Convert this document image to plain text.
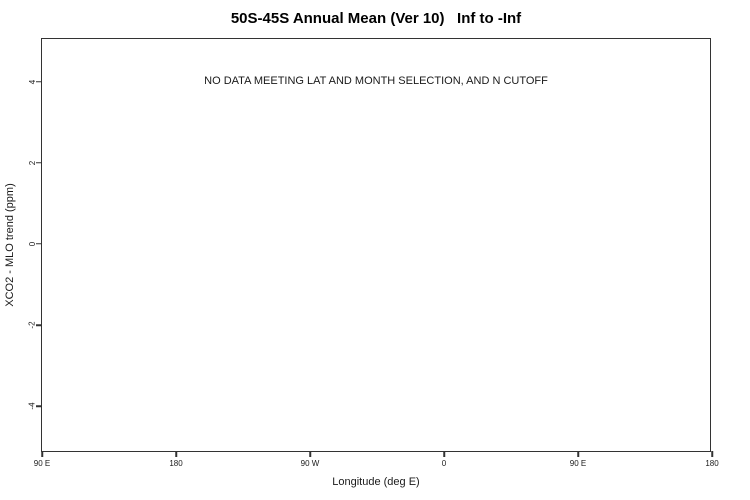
50S-45S Annual Mean (Ver 10)   Inf to -Inf
XCO2 - MLO trend (ppm)
NO DATA MEETING LAT AND MONTH SELECTION, AND N CUTOFF
90 E	180	90 W	0	90 E	180
-4
-2
0
2
4
Longitude (deg E)
